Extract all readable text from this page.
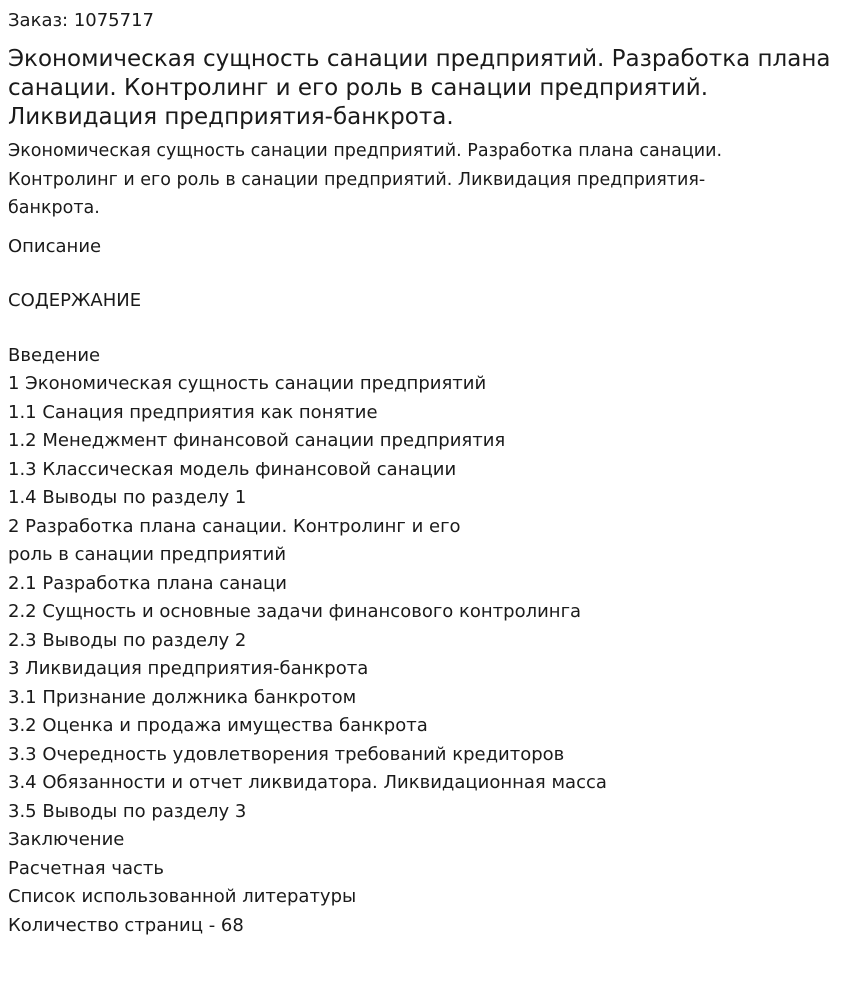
Заказ: 1075717
Экономическая сущность санации предприятий. Разработка плана санации. Контролинг и его роль в санации предприятий. Ликвидация предприятия-банкрота.
Экономическая сущность санации предприятий. Разработка плана санации.
Контролинг и его роль в санации предприятий. Ликвидация предприятия-
банкрота.
Описание
СОДЕРЖАНИЕ
Введение
1 Экономическая сущность санации предприятий
1.1 Санация предприятия как понятие
1.2 Менеджмент финансовой санации предприятия
1.3 Классическая модель финансовой санации
1.4 Выводы по разделу 1
2 Разработка плана санации. Контролинг и его
роль в санации предприятий
2.1 Разработка плана санаци
2.2 Сущность и основные задачи финансового контролинга
2.3 Выводы по разделу 2
3 Ликвидация предприятия-банкрота
3.1 Признание должника банкротом
3.2 Оценка и продажа имущества банкрота
3.3 Очередность удовлетворения требований кредиторов
3.4 Обязанности и отчет ликвидатора. Ликвидационная масса
3.5 Выводы по разделу 3
Заключение
Расчетная часть
Список использованной литературы
Количество страниц - 68
